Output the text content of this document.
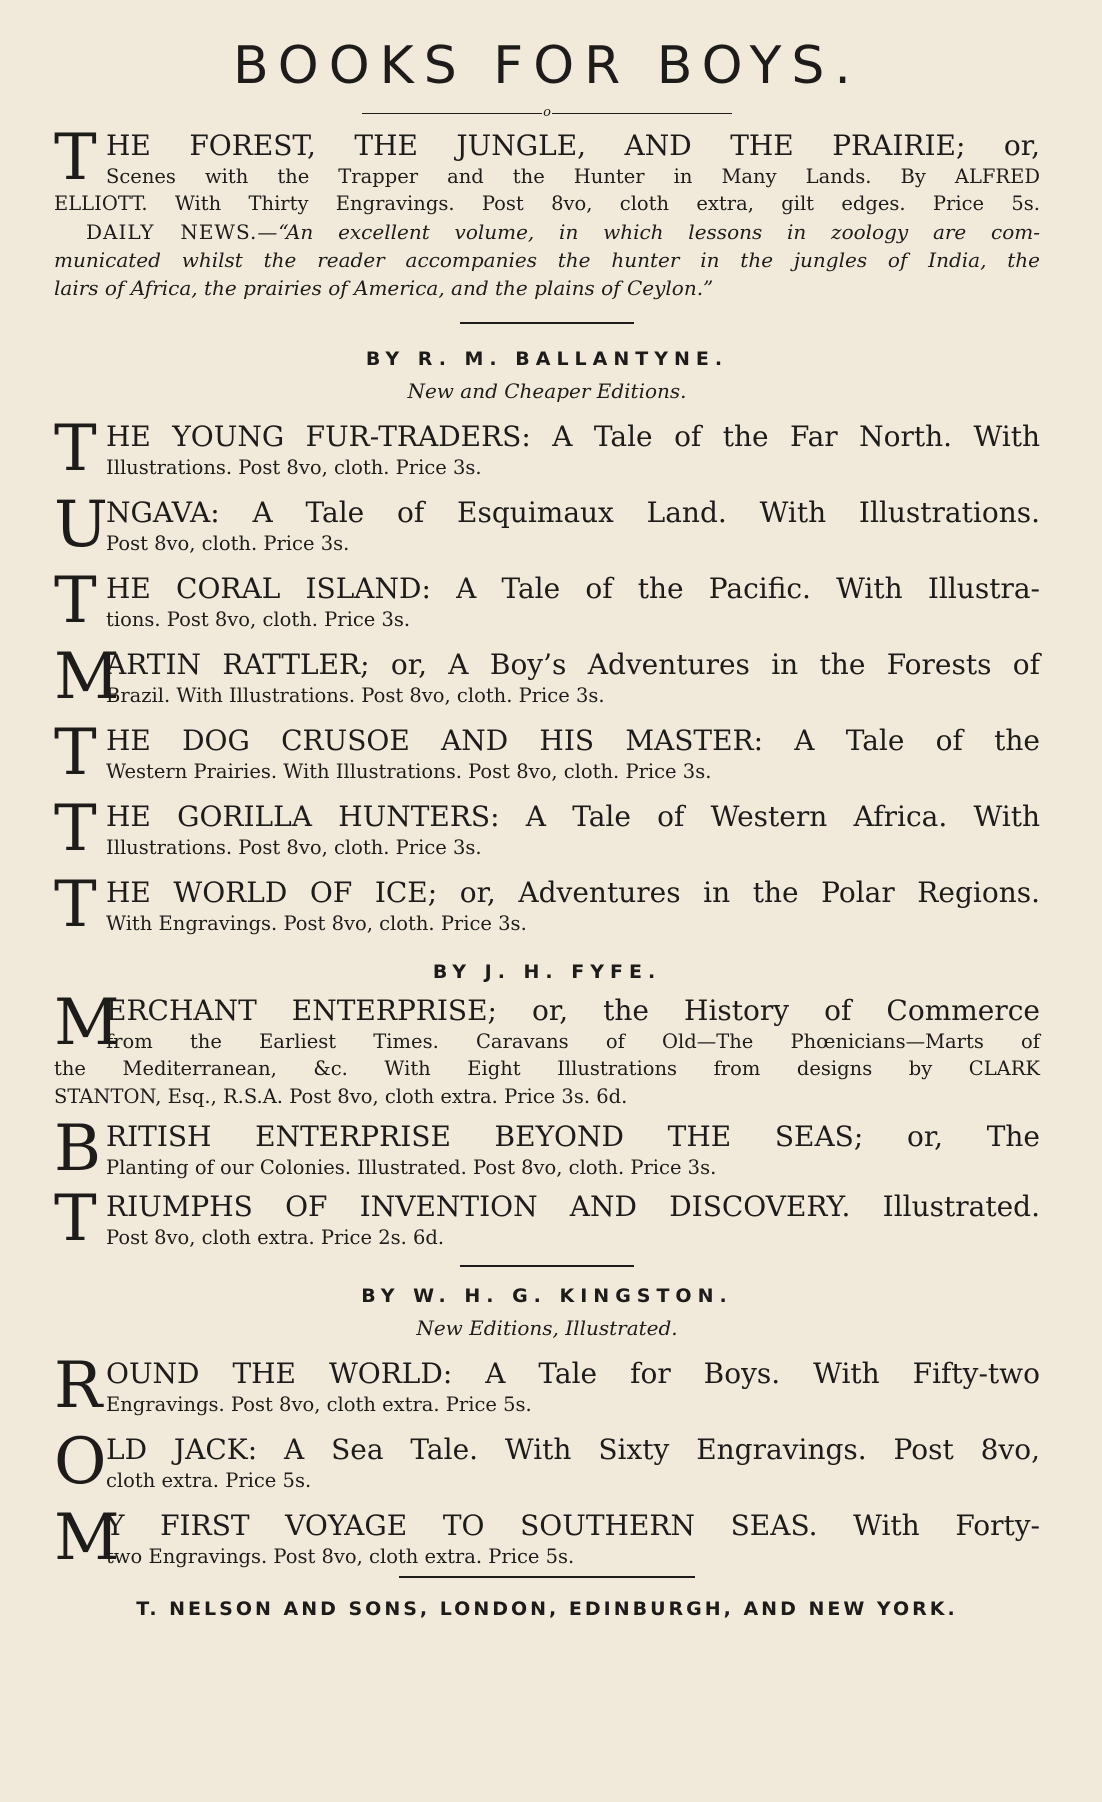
BOOKS FOR BOYS.
o
T HE FOREST, THE JUNGLE, AND THE PRAIRIE; or,
Scenes with the Trapper and the Hunter in Many Lands. By ALFRED
ELLIOTT. With Thirty Engravings. Post 8vo, cloth extra, gilt edges. Price 5s.
DAILY NEWS.—“An excellent volume, in which lessons in zoology are com-
municated whilst the reader accompanies the hunter in the jungles of India, the
lairs of Africa, the prairies of America, and the plains of Ceylon.”
BY R. M. BALLANTYNE.
New and Cheaper Editions.
T HE YOUNG FUR-TRADERS: A Tale of the Far North. With
Illustrations. Post 8vo, cloth. Price 3s.
U
NGAVA: A Tale of Esquimaux Land. With Illustrations.
Post 8vo, cloth. Price 3s.
T HE CORAL ISLAND: A Tale of the Pacific. With Illustra-
tions. Post 8vo, cloth. Price 3s.
M
ARTIN RATTLER; or, A Boy’s Adventures in the Forests of
Brazil. With Illustrations. Post 8vo, cloth. Price 3s.
T HE DOG CRUSOE AND HIS MASTER: A Tale of the
Western Prairies. With Illustrations. Post 8vo, cloth. Price 3s.
T HE GORILLA HUNTERS: A Tale of Western Africa. With
Illustrations. Post 8vo, cloth. Price 3s.
T HE WORLD OF ICE; or, Adventures in the Polar Regions.
With Engravings. Post 8vo, cloth. Price 3s.
BY J. H. FYFE.
M
ERCHANT ENTERPRISE; or, the History of Commerce
from the Earliest Times. Caravans of Old—The Phœnicians—Marts of
the Mediterranean, &c. With Eight Illustrations from designs by CLARK
STANTON, Esq., R.S.A. Post 8vo, cloth extra. Price 3s. 6d.
B RITISH ENTERPRISE BEYOND THE SEAS; or, The
Planting of our Colonies. Illustrated. Post 8vo, cloth. Price 3s.
T RIUMPHS OF INVENTION AND DISCOVERY. Illustrated.
Post 8vo, cloth extra. Price 2s. 6d.
BY W. H. G. KINGSTON.
New Editions, Illustrated.
R OUND THE WORLD: A Tale for Boys. With Fifty-two
Engravings. Post 8vo, cloth extra. Price 5s.
O LD JACK: A Sea Tale. With Sixty Engravings. Post 8vo,
cloth extra. Price 5s.
M
Y FIRST VOYAGE TO SOUTHERN SEAS. With Forty-
two Engravings. Post 8vo, cloth extra. Price 5s.
T. NELSON AND SONS, LONDON, EDINBURGH, AND NEW YORK.
